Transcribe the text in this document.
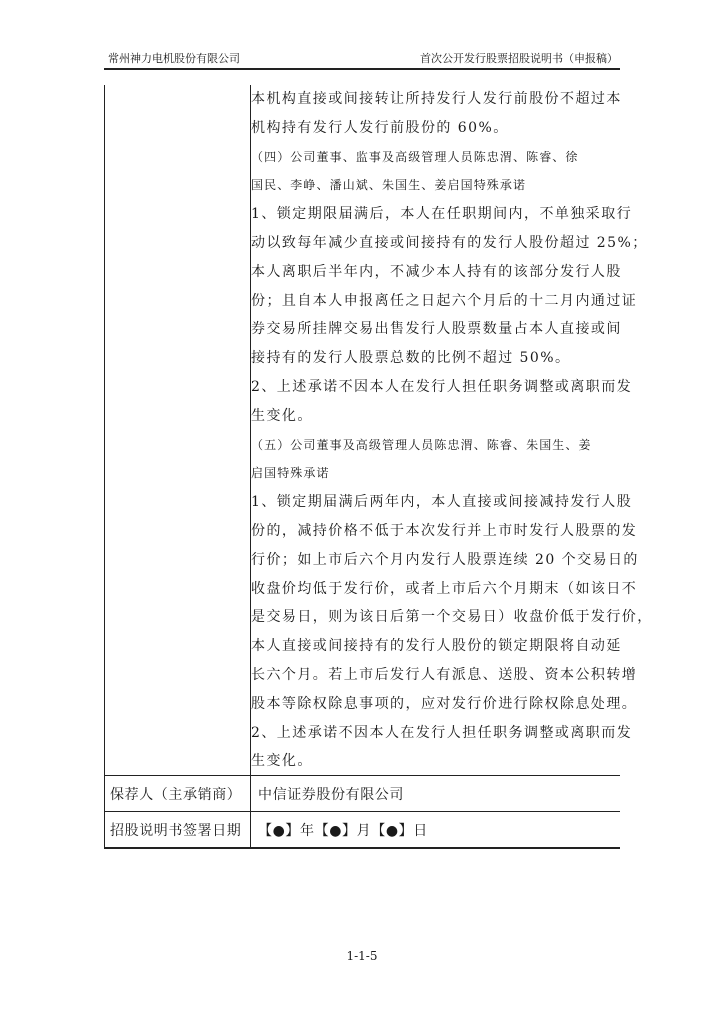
常州神力电机股份有限公司	首次公开发行股票招股说明书（申报稿）

本机构直接或间接转让所持发行人发行前股份不超过本

机构持有发行人发行前股份的 60%。

（四）公司董事、监事及高级管理人员陈忠渭、陈睿、徐

国民、李峥、潘山斌、朱国生、姜启国特殊承诺

1、锁定期限届满后，本人在任职期间内，不单独采取行

动以致每年减少直接或间接持有的发行人股份超过 25%；

本人离职后半年内，不减少本人持有的该部分发行人股

份；且自本人申报离任之日起六个月后的十二月内通过证

券交易所挂牌交易出售发行人股票数量占本人直接或间

接持有的发行人股票总数的比例不超过 50%。

2、上述承诺不因本人在发行人担任职务调整或离职而发

生变化。

（五）公司董事及高级管理人员陈忠渭、陈睿、朱国生、姜

启国特殊承诺

1、锁定期届满后两年内，本人直接或间接减持发行人股

份的，减持价格不低于本次发行并上市时发行人股票的发

行价；如上市后六个月内发行人股票连续 20 个交易日的

收盘价均低于发行价，或者上市后六个月期末（如该日不

是交易日，则为该日后第一个交易日）收盘价低于发行价，

本人直接或间接持有的发行人股份的锁定期限将自动延

长六个月。若上市后发行人有派息、送股、资本公积转增

股本等除权除息事项的，应对发行价进行除权除息处理。

2、上述承诺不因本人在发行人担任职务调整或离职而发

生变化。

保荐人（主承销商）	中信证券股份有限公司
招股说明书签署日期	【●】年【●】月【●】日
1-1-5
